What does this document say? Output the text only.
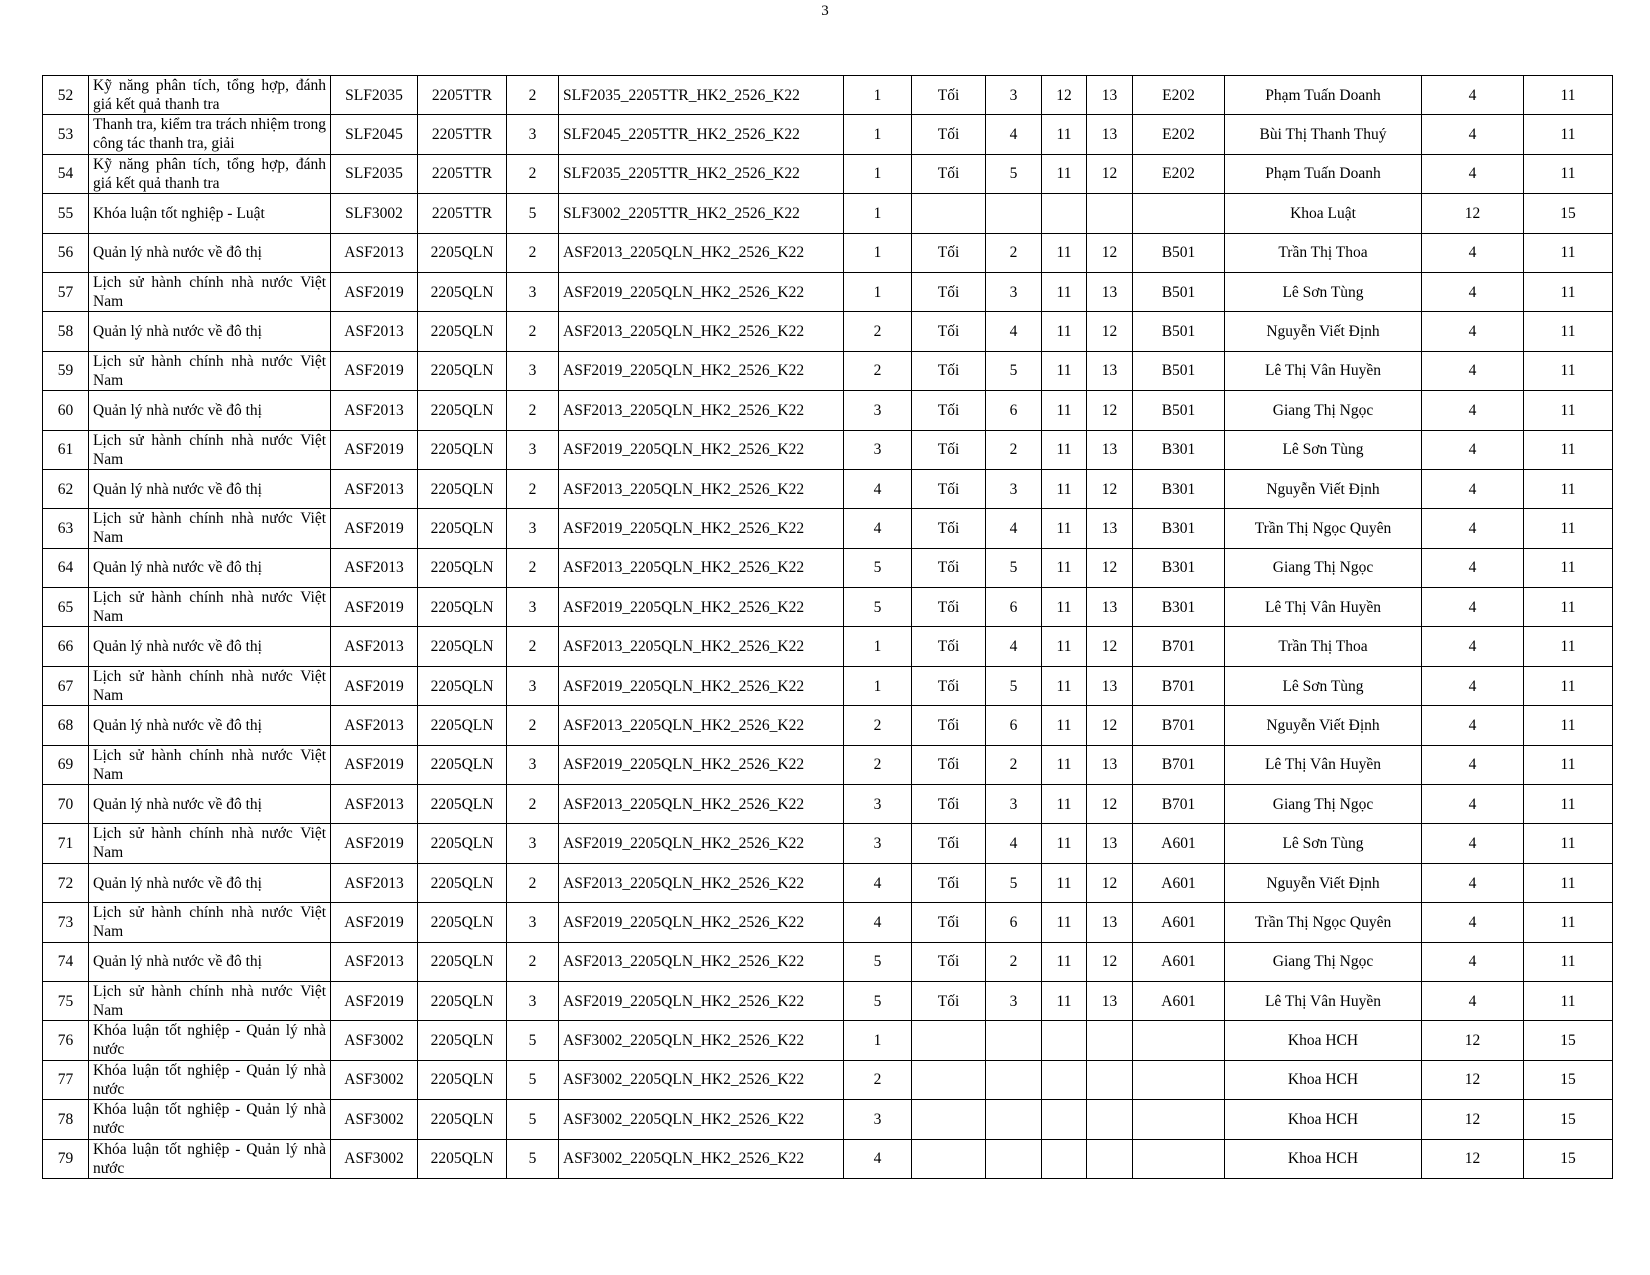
3
52	Kỹ năng phân tích, tổng hợp, đánh giá kết quả thanh tra	SLF2035	2205TTR	2	SLF2035_2205TTR_HK2_2526_K22	1	Tối	3	12	13	E202	Phạm Tuấn Doanh	4	11
53	Thanh tra, kiểm tra trách nhiệm trong công tác thanh tra, giải	SLF2045	2205TTR	3	SLF2045_2205TTR_HK2_2526_K22	1	Tối	4	11	13	E202	Bùi Thị Thanh Thuý	4	11
54	Kỹ năng phân tích, tổng hợp, đánh giá kết quả thanh tra	SLF2035	2205TTR	2	SLF2035_2205TTR_HK2_2526_K22	1	Tối	5	11	12	E202	Phạm Tuấn Doanh	4	11
55	Khóa luận tốt nghiệp - Luật	SLF3002	2205TTR	5	SLF3002_2205TTR_HK2_2526_K22	1						Khoa Luật	12	15
56	Quản lý nhà nước về đô thị	ASF2013	2205QLN	2	ASF2013_2205QLN_HK2_2526_K22	1	Tối	2	11	12	B501	Trần Thị Thoa	4	11
57	Lịch sử hành chính nhà nước Việt Nam	ASF2019	2205QLN	3	ASF2019_2205QLN_HK2_2526_K22	1	Tối	3	11	13	B501	Lê Sơn Tùng	4	11
58	Quản lý nhà nước về đô thị	ASF2013	2205QLN	2	ASF2013_2205QLN_HK2_2526_K22	2	Tối	4	11	12	B501	Nguyễn Viết Định	4	11
59	Lịch sử hành chính nhà nước Việt Nam	ASF2019	2205QLN	3	ASF2019_2205QLN_HK2_2526_K22	2	Tối	5	11	13	B501	Lê Thị Vân Huyền	4	11
60	Quản lý nhà nước về đô thị	ASF2013	2205QLN	2	ASF2013_2205QLN_HK2_2526_K22	3	Tối	6	11	12	B501	Giang Thị Ngọc	4	11
61	Lịch sử hành chính nhà nước Việt Nam	ASF2019	2205QLN	3	ASF2019_2205QLN_HK2_2526_K22	3	Tối	2	11	13	B301	Lê Sơn Tùng	4	11
62	Quản lý nhà nước về đô thị	ASF2013	2205QLN	2	ASF2013_2205QLN_HK2_2526_K22	4	Tối	3	11	12	B301	Nguyễn Viết Định	4	11
63	Lịch sử hành chính nhà nước Việt Nam	ASF2019	2205QLN	3	ASF2019_2205QLN_HK2_2526_K22	4	Tối	4	11	13	B301	Trần Thị Ngọc Quyên	4	11
64	Quản lý nhà nước về đô thị	ASF2013	2205QLN	2	ASF2013_2205QLN_HK2_2526_K22	5	Tối	5	11	12	B301	Giang Thị Ngọc	4	11
65	Lịch sử hành chính nhà nước Việt Nam	ASF2019	2205QLN	3	ASF2019_2205QLN_HK2_2526_K22	5	Tối	6	11	13	B301	Lê Thị Vân Huyền	4	11
66	Quản lý nhà nước về đô thị	ASF2013	2205QLN	2	ASF2013_2205QLN_HK2_2526_K22	1	Tối	4	11	12	B701	Trần Thị Thoa	4	11
67	Lịch sử hành chính nhà nước Việt Nam	ASF2019	2205QLN	3	ASF2019_2205QLN_HK2_2526_K22	1	Tối	5	11	13	B701	Lê Sơn Tùng	4	11
68	Quản lý nhà nước về đô thị	ASF2013	2205QLN	2	ASF2013_2205QLN_HK2_2526_K22	2	Tối	6	11	12	B701	Nguyễn Viết Định	4	11
69	Lịch sử hành chính nhà nước Việt Nam	ASF2019	2205QLN	3	ASF2019_2205QLN_HK2_2526_K22	2	Tối	2	11	13	B701	Lê Thị Vân Huyền	4	11
70	Quản lý nhà nước về đô thị	ASF2013	2205QLN	2	ASF2013_2205QLN_HK2_2526_K22	3	Tối	3	11	12	B701	Giang Thị Ngọc	4	11
71	Lịch sử hành chính nhà nước Việt Nam	ASF2019	2205QLN	3	ASF2019_2205QLN_HK2_2526_K22	3	Tối	4	11	13	A601	Lê Sơn Tùng	4	11
72	Quản lý nhà nước về đô thị	ASF2013	2205QLN	2	ASF2013_2205QLN_HK2_2526_K22	4	Tối	5	11	12	A601	Nguyễn Viết Định	4	11
73	Lịch sử hành chính nhà nước Việt Nam	ASF2019	2205QLN	3	ASF2019_2205QLN_HK2_2526_K22	4	Tối	6	11	13	A601	Trần Thị Ngọc Quyên	4	11
74	Quản lý nhà nước về đô thị	ASF2013	2205QLN	2	ASF2013_2205QLN_HK2_2526_K22	5	Tối	2	11	12	A601	Giang Thị Ngọc	4	11
75	Lịch sử hành chính nhà nước Việt Nam	ASF2019	2205QLN	3	ASF2019_2205QLN_HK2_2526_K22	5	Tối	3	11	13	A601	Lê Thị Vân Huyền	4	11
76	Khóa luận tốt nghiệp - Quản lý nhà nước	ASF3002	2205QLN	5	ASF3002_2205QLN_HK2_2526_K22	1						Khoa HCH	12	15
77	Khóa luận tốt nghiệp - Quản lý nhà nước	ASF3002	2205QLN	5	ASF3002_2205QLN_HK2_2526_K22	2						Khoa HCH	12	15
78	Khóa luận tốt nghiệp - Quản lý nhà nước	ASF3002	2205QLN	5	ASF3002_2205QLN_HK2_2526_K22	3						Khoa HCH	12	15
79	Khóa luận tốt nghiệp - Quản lý nhà nước	ASF3002	2205QLN	5	ASF3002_2205QLN_HK2_2526_K22	4						Khoa HCH	12	15
